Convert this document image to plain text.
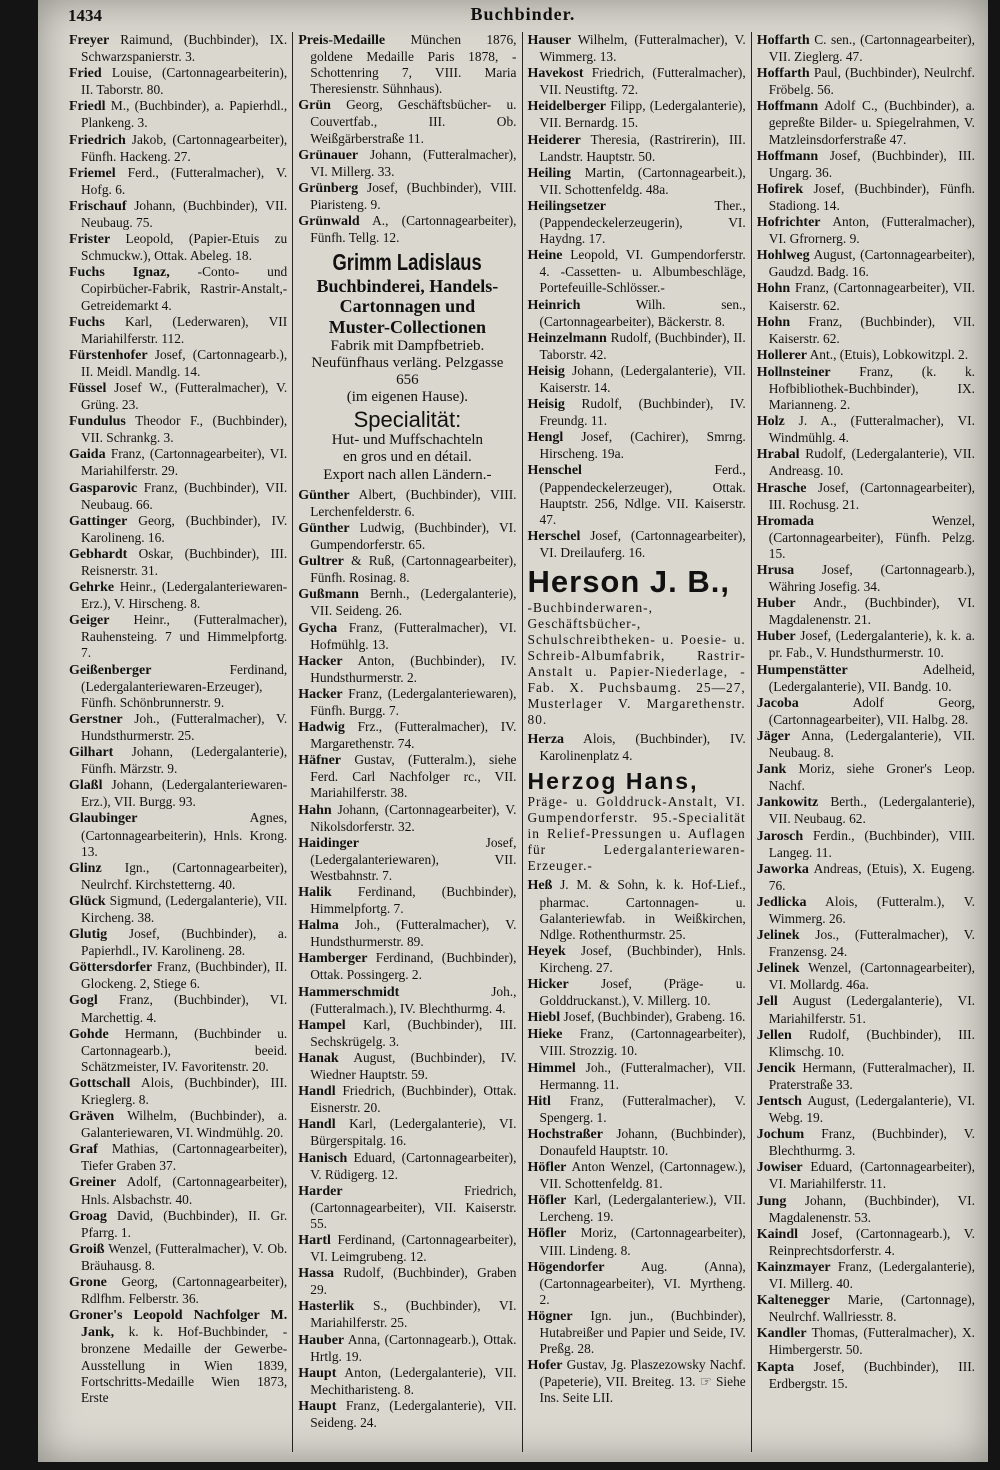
1434	Buchbinder.

Freyer Raimund, (Buchbinder), IX. Schwarzspanierstr. 3.

Fried Louise, (Cartonnagearbeiterin), II. Taborstr. 80.

Friedl M., (Buchbinder), a. Papierhdl., Plankeng. 3.

Friedrich Jakob, (Cartonnagearbeiter), Fünfh. Hackeng. 27.

Friemel Ferd., (Futteralmacher), V. Hofg. 6.

Frischauf Johann, (Buchbinder), VII. Neubaug. 75.

Frister Leopold, (Papier-Etuis zu Schmuckw.), Ottak. Abeleg. 18.

Fuchs Ignaz, -Conto- und Copirbücher-Fabrik, Rastrir-Anstalt,- Getreidemarkt 4.

Fuchs Karl, (Lederwaren), VII Mariahilferstr. 112.

Fürstenhofer Josef, (Cartonnagearb.), II. Meidl. Mandlg. 14.

Füssel Josef W., (Futteralmacher), V. Grüng. 23.

Fundulus Theodor F., (Buchbinder), VII. Schrankg. 3.

Gaida Franz, (Cartonnagearbeiter), VI. Mariahilferstr. 29.

Gasparovic Franz, (Buchbinder), VII. Neubaug. 66.

Gattinger Georg, (Buchbinder), IV. Karolineng. 16.

Gebhardt Oskar, (Buchbinder), III. Reisnerstr. 31.

Gehrke Heinr., (Ledergalanteriewaren-Erz.), V. Hirscheng. 8.

Geiger Heinr., (Futteralmacher), Rauhensteing. 7 und Himmelpfortg. 7.

Geißenberger	Ferdinand, (Ledergalanteriewaren-Erzeuger), Fünfh. Schönbrunnerstr. 9.

Gerstner Joh., (Futteralmacher), V. Hundsthurmerstr. 25.

Gilhart Johann, (Ledergalanterie), Fünfh. Märzstr. 9.

Glaßl Johann, (Ledergalanteriewaren-Erz.), VII. Burgg. 93.

Glaubinger	Agnes, (Cartonnagearbeiterin), Hnls. Krong. 13.

Glinz Ign., (Cartonnagearbeiter), Neulrchf. Kirchstetterng. 40.

Glück Sigmund, (Ledergalanterie), VII. Kircheng. 38.

Glutig Josef, (Buchbinder), a. Papierhdl., IV. Karolineng. 28.

Göttersdorfer Franz, (Buchbinder), II. Glockeng. 2, Stiege 6.

Gogl Franz, (Buchbinder), VI. Marchettig. 4.

Gohde Hermann, (Buchbinder u. Cartonnagearb.), beeid. Schätzmeister, IV. Favoritenstr. 20.

Gottschall Alois, (Buchbinder), III. Krieglerg. 8.

Gräven Wilhelm, (Buchbinder), a. Galanteriewaren, VI. Windmühlg. 20.

Graf Mathias, (Cartonnagearbeiter), Tiefer Graben 37.

Greiner Adolf, (Cartonnagearbeiter), Hnls. Alsbachstr. 40.

Groag David, (Buchbinder), II. Gr. Pfarrg. 1.

Groiß Wenzel, (Futteralmacher), V. Ob. Bräuhausg. 8.

Grone Georg, (Cartonnagearbeiter), Rdlfhm. Felberstr. 36.

Groner's Leopold Nachfolger M. Jank, k. k. Hof-Buchbinder, -bronzene Medaille der Gewerbe-Ausstellung in Wien 1839, Fortschritts-Medaille Wien 1873, Erste

Preis-Medaille München 1876, goldene Medaille Paris 1878, - Schottenring 7, VIII. Maria Theresienstr. Sühnhaus).

Grün Georg, Geschäftsbücher- u. Couvertfab., III. Ob. Weißgärberstraße 11.

Grünauer Johann, (Futteralmacher), VI. Millerg. 33.

Grünberg Josef, (Buchbinder), VIII. Piaristeng. 9.

Grünwald A., (Cartonnagearbeiter), Fünfh. Tellg. 12.

Grimm Ladislaus
Buchbinderei, Handels-
Cartonnagen und
Muster-Collectionen
Fabrik mit Dampfbetrieb.
Neufünfhaus verläng. Pelzgasse 656
(im eigenen Hause).
Specialität:
Hut- und Muffschachteln
en gros und en détail.
Export nach allen Ländern.-

Günther Albert, (Buchbinder), VIII. Lerchenfelderstr. 6.

Günther Ludwig, (Buchbinder), VI. Gumpendorferstr. 65.

Gultrer & Ruß, (Cartonnagearbeiter), Fünfh. Rosinag. 8.

Gußmann Bernh., (Ledergalanterie), VII. Seideng. 26.

Gycha Franz, (Futteralmacher), VI. Hofmühlg. 13.

Hacker Anton, (Buchbinder), IV. Hundsthurmerstr. 2.

Hacker Franz, (Ledergalanteriewaren), Fünfh. Burgg. 7.

Hadwig Frz., (Futteralmacher), IV. Margarethenstr. 74.

Häfner Gustav, (Futteralm.), siehe Ferd. Carl Nachfolger rc., VII. Mariahilferstr. 38.

Hahn Johann, (Cartonnagearbeiter), V. Nikolsdorferstr. 32.

Haidinger	Josef, (Ledergalanteriewaren), VII. Westbahnstr. 7.

Halik Ferdinand, (Buchbinder), Himmelpfortg. 7.

Halma Joh., (Futteralmacher), V. Hundsthurmerstr. 89.

Hamberger Ferdinand, (Buchbinder), Ottak. Possingerg. 2.

Hammerschmidt	Joh., (Futteralmach.), IV. Blechthurmg. 4.

Hampel Karl, (Buchbinder), III. Sechskrügelg. 3.

Hanak August, (Buchbinder), IV. Wiedner Hauptstr. 59.

Handl Friedrich, (Buchbinder), Ottak. Eisnerstr. 20.

Handl Karl, (Ledergalanterie), VI. Bürgerspitalg. 16.

Hanisch Eduard, (Cartonnagearbeiter), V. Rüdigerg. 12.

Harder	Friedrich, (Cartonnagearbeiter), VII. Kaiserstr. 55.

Hartl Ferdinand, (Cartonnagearbeiter), VI. Leimgrubeng. 12.

Hassa Rudolf, (Buchbinder), Graben 29.

Hasterlik S., (Buchbinder), VI. Mariahilferstr. 25.

Hauber Anna, (Cartonnagearb.), Ottak. Hrtlg. 19.

Haupt Anton, (Ledergalanterie), VII. Mechitharisteng. 8.

Haupt Franz, (Ledergalanterie), VII. Seideng. 24.

Hauser Wilhelm, (Futteralmacher), V. Wimmerg. 13.

Havekost Friedrich, (Futteralmacher), VII. Neustiftg. 72.

Heidelberger Filipp, (Ledergalanterie), VII. Bernardg. 15.

Heiderer Theresia, (Rastrirerin), III. Landstr. Hauptstr. 50.

Heiling Martin, (Cartonnagearbeit.), VII. Schottenfeldg. 48a.

Heilingsetzer	Ther., (Pappendeckelerzeugerin), VI. Haydng. 17.

Heine Leopold, VI. Gumpendorferstr. 4. -Cassetten- u. Albumbeschläge, Portefeuille-Schlösser.-

Heinrich	Wilh. sen., (Cartonnagearbeiter), Bäckerstr. 8.

Heinzelmann Rudolf, (Buchbinder), II. Taborstr. 42.

Heisig Johann, (Ledergalanterie), VII. Kaiserstr. 14.

Heisig Rudolf, (Buchbinder), IV. Freundg. 11.

Hengl Josef, (Cachirer), Smrng. Hirscheng. 19a.

Henschel	Ferd., (Pappendeckelerzeuger), Ottak. Hauptstr. 256, Ndlge. VII. Kaiserstr. 47.

Herschel Josef, (Cartonnagearbeiter), VI. Dreilauferg. 16.

Herson J. B.,
-Buchbinderwaren-, Geschäftsbücher-, Schulschreibtheken- u. Poesie- u. Schreib-Albumfabrik, Rastrir-Anstalt u. Papier-Niederlage, -Fab. X. Puchsbaumg. 25—27, Musterlager V. Margarethenstr. 80.

Herza Alois, (Buchbinder), IV. Karolinenplatz 4.

Herzog Hans,
Präge- u. Golddruck-Anstalt, VI. Gumpendorferstr. 95.-Specialität in Relief-Pressungen u. Auflagen für Ledergalanteriewaren-Erzeuger.-

Heß J. M. & Sohn, k. k. Hof-Lief., pharmac. Cartonnagen- u. Galanteriewfab. in Weißkirchen, Ndlge. Rothenthurmstr. 25.

Heyek Josef, (Buchbinder), Hnls. Kircheng. 27.

Hicker Josef, (Präge- u. Golddruckanst.), V. Millerg. 10.

Hiebl Josef, (Buchbinder), Grabeng. 16.

Hieke Franz, (Cartonnagearbeiter), VIII. Strozzig. 10.

Himmel Joh., (Futteralmacher), VII. Hermanng. 11.

Hitl Franz, (Futteralmacher), V. Spengerg. 1.

Hochstraßer Johann, (Buchbinder), Donaufeld Hauptstr. 10.

Höfler Anton Wenzel, (Cartonnagew.), VII. Schottenfeldg. 81.

Höfler Karl, (Ledergalanteriew.), VII. Lercheng. 19.

Höfler Moriz, (Cartonnagearbeiter), VIII. Lindeng. 8.

Högendorfer	Aug. (Anna), (Cartonnagearbeiter), VI. Myrtheng. 2.

Högner Ign. jun., (Buchbinder), Hutabreißer und Papier und Seide, IV. Preßg. 28.

Hofer Gustav, Jg. Plaszezowsky Nachf. (Papeterie), VII. Breiteg. 13. ☞ Siehe Ins. Seite LII.

Hoffarth C. sen., (Cartonnagearbeiter), VII. Zieglerg. 47.

Hoffarth Paul, (Buchbinder), Neulrchf. Fröbelg. 56.

Hoffmann Adolf C., (Buchbinder), a. gepreßte Bilder- u. Spiegelrahmen, V. Matzleinsdorferstraße 47.

Hoffmann Josef, (Buchbinder), III. Ungarg. 36.

Hofirek Josef, (Buchbinder), Fünfh. Stadiong. 14.

Hofrichter Anton, (Futteralmacher), VI. Gfrornerg. 9.

Hohlweg August, (Cartonnagearbeiter), Gaudzd. Badg. 16.

Hohn Franz, (Cartonnagearbeiter), VII. Kaiserstr. 62.

Hohn Franz, (Buchbinder), VII. Kaiserstr. 62.

Hollerer Ant., (Etuis), Lobkowitzpl. 2.

Hollnsteiner Franz, (k. k. Hofbibliothek-Buchbinder), IX. Marianneng. 2.

Holz J. A., (Futteralmacher), VI. Windmühlg. 4.

Hrabal Rudolf, (Ledergalanterie), VII. Andreasg. 10.

Hrasche Josef, (Cartonnagearbeiter), III. Rochusg. 21.

Hromada	Wenzel, (Cartonnagearbeiter), Fünfh. Pelzg. 15.

Hrusa Josef, (Cartonnagearb.), Währing Josefig. 34.

Huber Andr., (Buchbinder), VI. Magdalenenstr. 21.

Huber Josef, (Ledergalanterie), k. k. a. pr. Fab., V. Hundsthurmerstr. 10.

Humpenstätter	Adelheid, (Ledergalanterie), VII. Bandg. 10.

Jacoba	Adolf Georg, (Cartonnagearbeiter), VII. Halbg. 28.

Jäger Anna, (Ledergalanterie), VII. Neubaug. 8.

Jank Moriz, siehe Groner's Leop. Nachf.

Jankowitz Berth., (Ledergalanterie), VII. Neubaug. 62.

Jarosch Ferdin., (Buchbinder), VIII. Langeg. 11.

Jaworka Andreas, (Etuis), X. Eugeng. 76.

Jedlicka Alois, (Futteralm.), V. Wimmerg. 26.

Jelinek Jos., (Futteralmacher), V. Franzensg. 24.

Jelinek Wenzel, (Cartonnagearbeiter), VI. Mollardg. 46a.

Jell August (Ledergalanterie), VI. Mariahilferstr. 51.

Jellen Rudolf, (Buchbinder), III. Klimschg. 10.

Jencik Hermann, (Futteralmacher), II. Praterstraße 33.

Jentsch August, (Ledergalanterie), VI. Webg. 19.

Jochum Franz, (Buchbinder), V. Blechthurmg. 3.

Jowiser Eduard, (Cartonnagearbeiter), VI. Mariahilferstr. 11.

Jung Johann, (Buchbinder), VI. Magdalenenstr. 53.

Kaindl Josef, (Cartonnagearb.), V. Reinprechtsdorferstr. 4.

Kainzmayer Franz, (Ledergalanterie), VI. Millerg. 40.

Kaltenegger Marie, (Cartonnage), Neulrchf. Wallriesstr. 8.

Kandler Thomas, (Futteralmacher), X. Himbergerstr. 50.

Kapta Josef, (Buchbinder), III. Erdbergstr. 15.
